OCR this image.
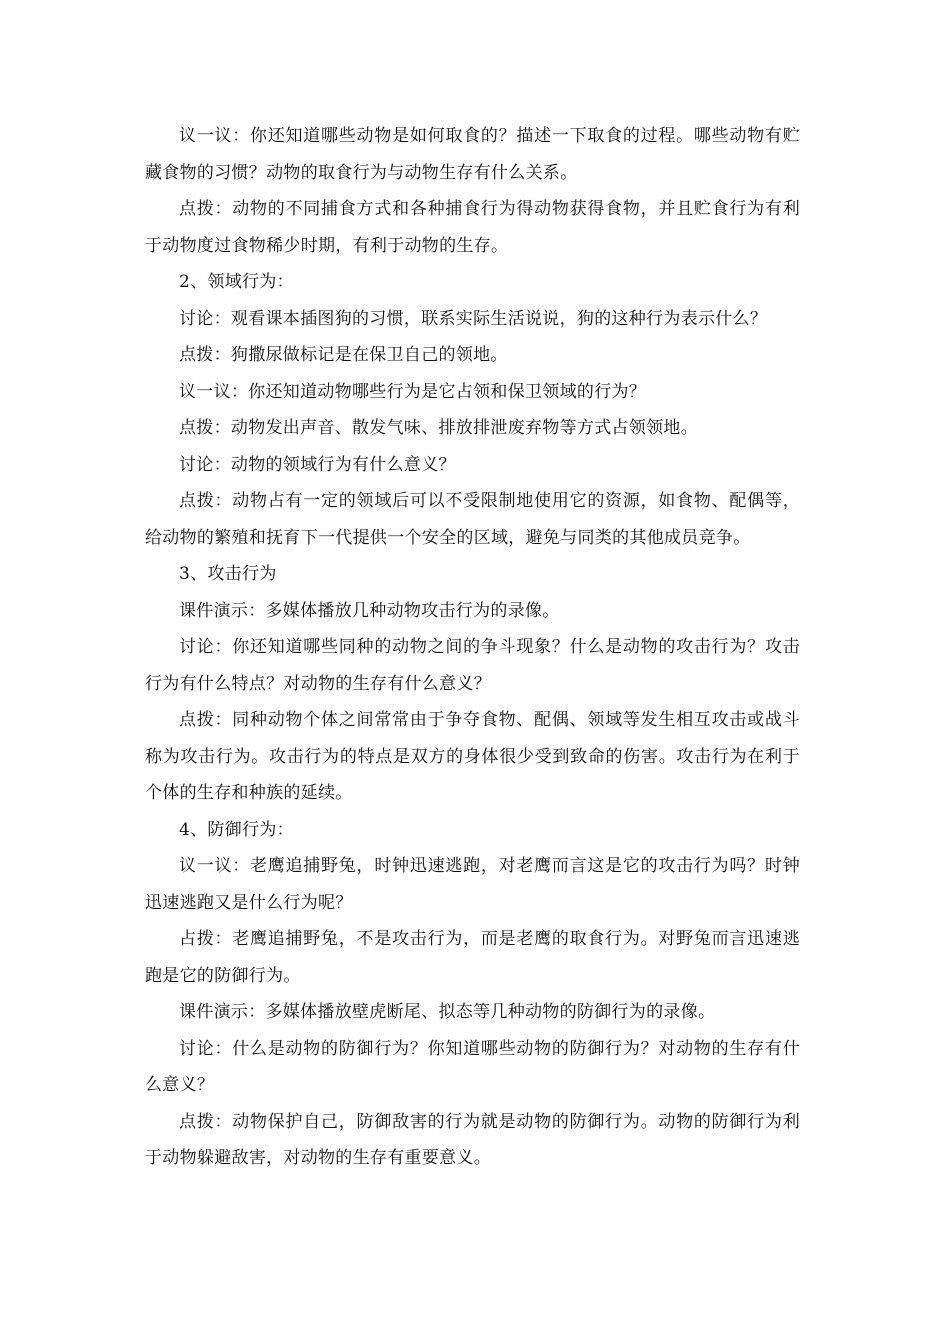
议一议：你还知道哪些动物是如何取食的？描述一下取食的过程。哪些动物有贮藏食物的习惯？动物的取食行为与动物生存有什么关系。

点拨：动物的不同捕食方式和各种捕食行为得动物获得食物，并且贮食行为有利于动物度过食物稀少时期，有利于动物的生存。

2、领域行为：

讨论：观看课本插图狗的习惯，联系实际生活说说，狗的这种行为表示什么？

点拨：狗撒尿做标记是在保卫自己的领地。

议一议：你还知道动物哪些行为是它占领和保卫领域的行为？

点拨：动物发出声音、散发气味、排放排泄废弃物等方式占领领地。

讨论：动物的领域行为有什么意义？

点拨：动物占有一定的领域后可以不受限制地使用它的资源，如食物、配偶等，给动物的繁殖和抚育下一代提供一个安全的区域，避免与同类的其他成员竞争。

3、攻击行为

课件演示：多媒体播放几种动物攻击行为的录像。

讨论：你还知道哪些同种的动物之间的争斗现象？什么是动物的攻击行为？攻击行为有什么特点？对动物的生存有什么意义？

点拨：同种动物个体之间常常由于争夺食物、配偶、领域等发生相互攻击或战斗称为攻击行为。攻击行为的特点是双方的身体很少受到致命的伤害。攻击行为在利于个体的生存和种族的延续。

4、防御行为：

议一议：老鹰追捕野兔，时钟迅速逃跑，对老鹰而言这是它的攻击行为吗？时钟迅速逃跑又是什么行为呢？

占拨：老鹰追捕野兔，不是攻击行为，而是老鹰的取食行为。对野兔而言迅速逃跑是它的防御行为。

课件演示：多媒体播放壁虎断尾、拟态等几种动物的防御行为的录像。

讨论：什么是动物的防御行为？你知道哪些动物的防御行为？对动物的生存有什么意义？

点拨：动物保护自己，防御敌害的行为就是动物的防御行为。动物的防御行为利于动物躲避敌害，对动物的生存有重要意义。
